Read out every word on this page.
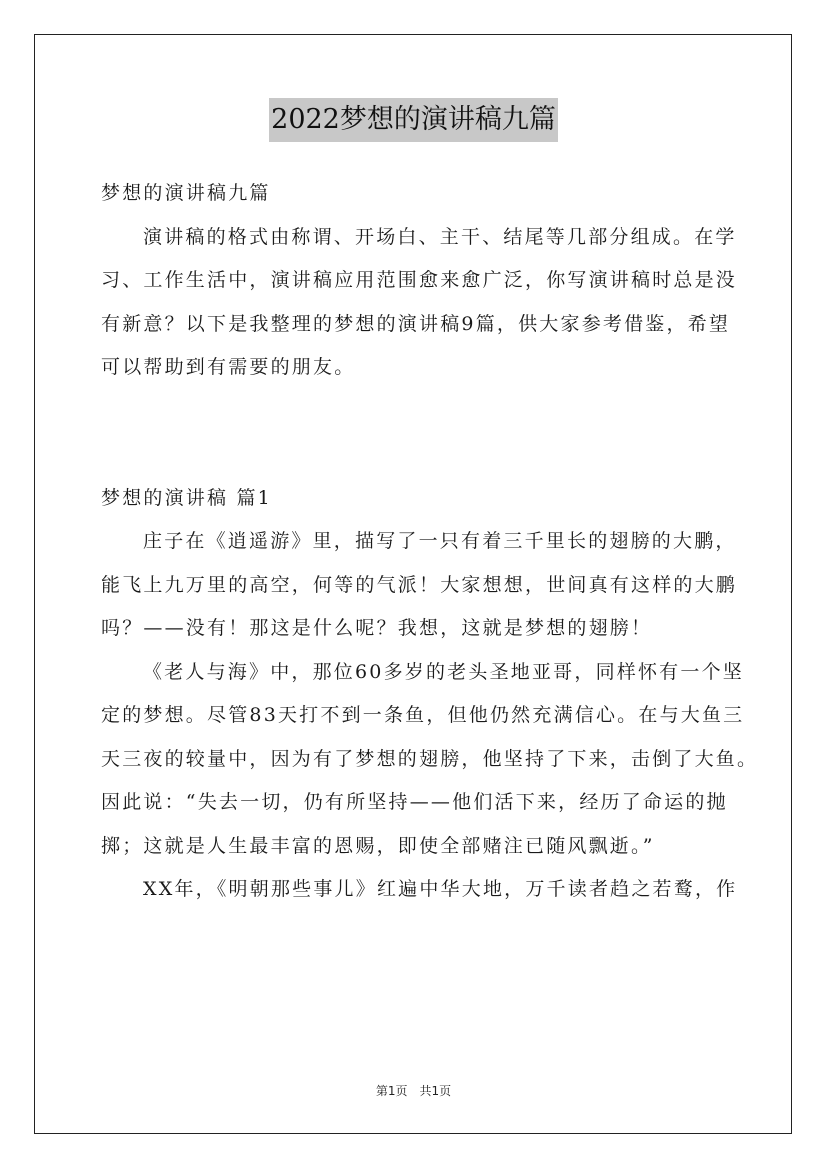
2022梦想的演讲稿九篇
梦想的演讲稿九篇
演讲稿的格式由称谓、开场白、主干、结尾等几部分组成。在学
习、工作生活中，演讲稿应用范围愈来愈广泛，你写演讲稿时总是没
有新意？以下是我整理的梦想的演讲稿9篇，供大家参考借鉴，希望
可以帮助到有需要的朋友。
梦想的演讲稿 篇1
庄子在《逍遥游》里，描写了一只有着三千里长的翅膀的大鹏，
能飞上九万里的高空，何等的气派！大家想想，世间真有这样的大鹏
吗？——没有！那这是什么呢？我想，这就是梦想的翅膀！
《老人与海》中，那位60多岁的老头圣地亚哥，同样怀有一个坚
定的梦想。尽管83天打不到一条鱼，但他仍然充满信心。在与大鱼三
天三夜的较量中，因为有了梦想的翅膀，他坚持了下来，击倒了大鱼。
因此说：“失去一切，仍有所坚持——他们活下来，经历了命运的抛
掷；这就是人生最丰富的恩赐，即使全部赌注已随风飘逝。”
XX年，《明朝那些事儿》红遍中华大地，万千读者趋之若鹜，作
第1页　共1页
